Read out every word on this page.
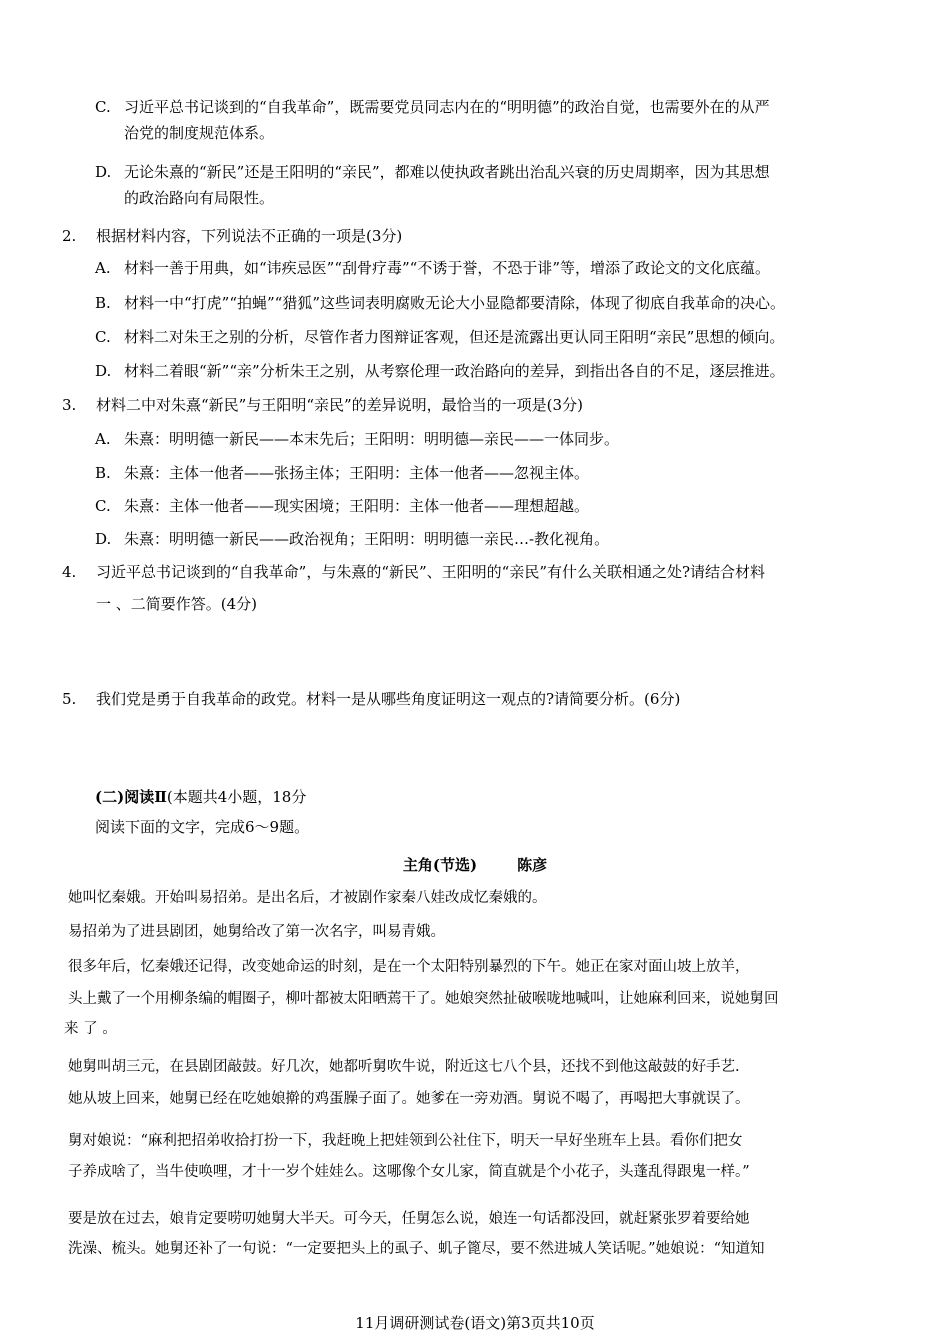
C. 习近平总书记谈到的“自我革命”，既需要党员同志内在的“明明德”的政治自觉，也需要外在的从严
治党的制度规范体系。
D. 无论朱熹的“新民”还是王阳明的“亲民”，都难以使执政者跳出治乱兴衰的历史周期率，因为其思想
的政治路向有局限性。
2. 根据材料内容，下列说法不正确的一项是(3分)
A. 材料一善于用典，如“讳疾忌医”“刮骨疗毒”“不诱于誉，不恐于诽”等，增添了政论文的文化底蕴。
B. 材料一中“打虎”“拍蝇”“猎狐”这些词表明腐败无论大小显隐都要清除，体现了彻底自我革命的决心。
C. 材料二对朱王之别的分析，尽管作者力图辩证客观，但还是流露出更认同王阳明“亲民”思想的倾向。
D. 材料二着眼“新”“亲”分析朱王之别，从考察伦理一政治路向的差异，到指出各自的不足，逐层推进。
3. 材料二中对朱熹“新民”与王阳明“亲民”的差异说明，最恰当的一项是(3分)
A. 朱熹：明明德一新民——本末先后；王阳明：明明德—亲民——一体同步。
B. 朱熹：主体一他者——张扬主体；王阳明：主体一他者——忽视主体。
C. 朱熹：主体一他者——现实困境；王阳明：主体一他者——理想超越。
D. 朱熹：明明德一新民——政治视角；王阳明：明明德一亲民…-教化视角。
4. 习近平总书记谈到的“自我革命”，与朱熹的“新民”、王阳明的“亲民”有什么关联相通之处?请结合材料
一 、二简要作答。(4分)
5. 我们党是勇于自我革命的政党。材料一是从哪些角度证明这一观点的?请简要分析。(6分)
(二)阅读Ⅱ(本题共4小题，18分
阅读下面的文字，完成6～9题。
主角(节选)	陈彦
她叫忆秦娥。开始叫易招弟。是出名后，才被剧作家秦八娃改成忆秦娥的。
易招弟为了进县剧团，她舅给改了第一次名字，叫易青娥。
很多年后，忆秦娥还记得，改变她命运的时刻，是在一个太阳特别暴烈的下午。她正在家对面山坡上放羊，
头上戴了一个用柳条编的帽圈子，柳叶都被太阳晒蔫干了。她娘突然扯破喉咙地喊叫，让她麻利回来，说她舅回
来 了 。
她舅叫胡三元，在县剧团敲鼓。好几次，她都听舅吹牛说，附近这七八个县，还找不到他这敲鼓的好手艺.
她从坡上回来，她舅已经在吃她娘擀的鸡蛋臊子面了。她爹在一旁劝酒。舅说不喝了，再喝把大事就误了。
舅对娘说：“麻利把招弟收拾打扮一下，我赶晚上把娃领到公社住下，明天一早好坐班车上县。看你们把女
子养成啥了，当牛使唤哩，才十一岁个娃娃么。这哪像个女儿家，简直就是个小花子，头蓬乱得跟鬼一样。”
要是放在过去，娘肯定要唠叨她舅大半天。可今天，任舅怎么说，娘连一句话都没回，就赶紧张罗着要给她
洗澡、梳头。她舅还补了一句说：“一定要把头上的虱子、虮子篦尽，要不然进城人笑话呢。”她娘说：“知道知
11月调研测试卷(语文)第3页共10页
